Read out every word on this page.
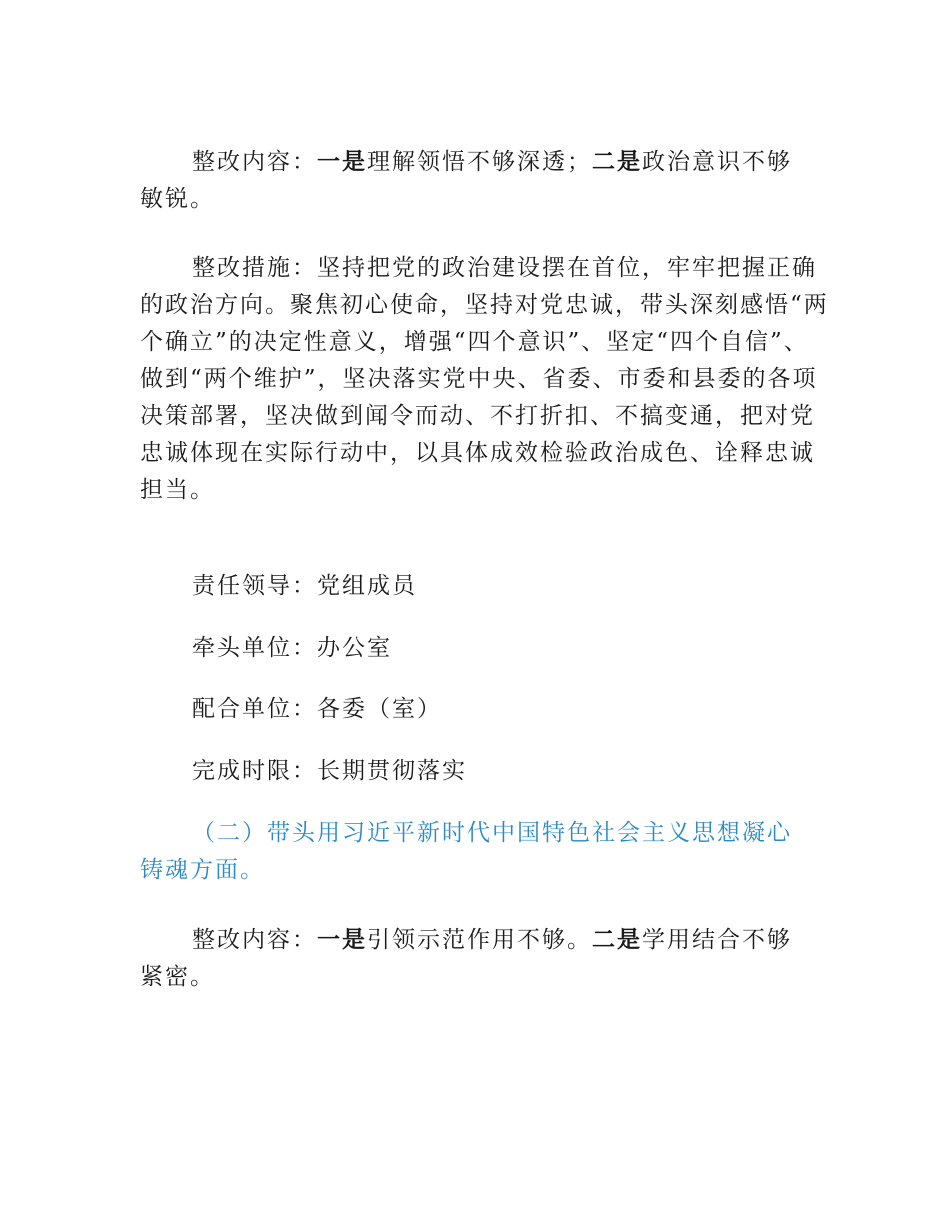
整改内容：一是理解领悟不够深透；二是政治意识不够敏锐。

整改措施：坚持把党的政治建设摆在首位，牢牢把握正确的政治方向。聚焦初心使命，坚持对党忠诚，带头深刻感悟“两个确立”的决定性意义，增强“四个意识”、坚定“四个自信”、做到“两个维护”，坚决落实党中央、省委、市委和县委的各项决策部署，坚决做到闻令而动、不打折扣、不搞变通，把对党忠诚体现在实际行动中，以具体成效检验政治成色、诠释忠诚担当。

责任领导：党组成员

牵头单位：办公室

配合单位：各委（室）

完成时限：长期贯彻落实

（二）带头用习近平新时代中国特色社会主义思想凝心铸魂方面。

整改内容：一是引领示范作用不够。二是学用结合不够紧密。
